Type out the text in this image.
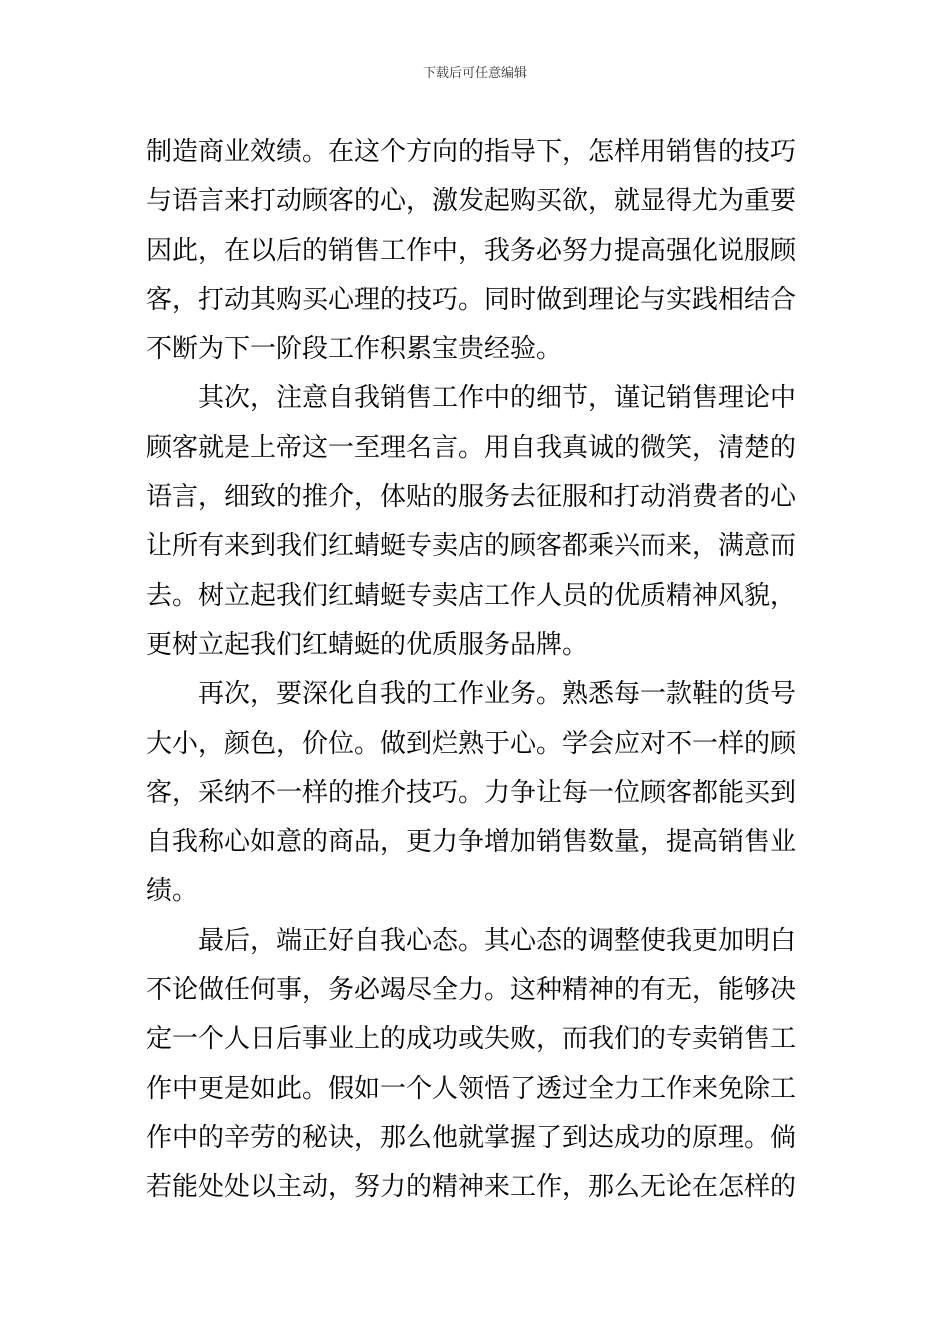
下载后可任意编辑
制造商业效绩。在这个方向的指导下，怎样用销售的技巧
与语言来打动顾客的心，激发起购买欲，就显得尤为重要
因此，在以后的销售工作中，我务必努力提高强化说服顾
客，打动其购买心理的技巧。同时做到理论与实践相结合
不断为下一阶段工作积累宝贵经验。
　　其次，注意自我销售工作中的细节，谨记销售理论中
顾客就是上帝这一至理名言。用自我真诚的微笑，清楚的
语言，细致的推介，体贴的服务去征服和打动消费者的心
让所有来到我们红蜻蜓专卖店的顾客都乘兴而来，满意而
去。树立起我们红蜻蜓专卖店工作人员的优质精神风貌，
更树立起我们红蜻蜓的优质服务品牌。
　　再次，要深化自我的工作业务。熟悉每一款鞋的货号
大小，颜色，价位。做到烂熟于心。学会应对不一样的顾
客，采纳不一样的推介技巧。力争让每一位顾客都能买到
自我称心如意的商品，更力争增加销售数量，提高销售业
绩。
　　最后，端正好自我心态。其心态的调整使我更加明白
不论做任何事，务必竭尽全力。这种精神的有无，能够决
定一个人日后事业上的成功或失败，而我们的专卖销售工
作中更是如此。假如一个人领悟了透过全力工作来免除工
作中的辛劳的秘诀，那么他就掌握了到达成功的原理。倘
若能处处以主动，努力的精神来工作，那么无论在怎样的
